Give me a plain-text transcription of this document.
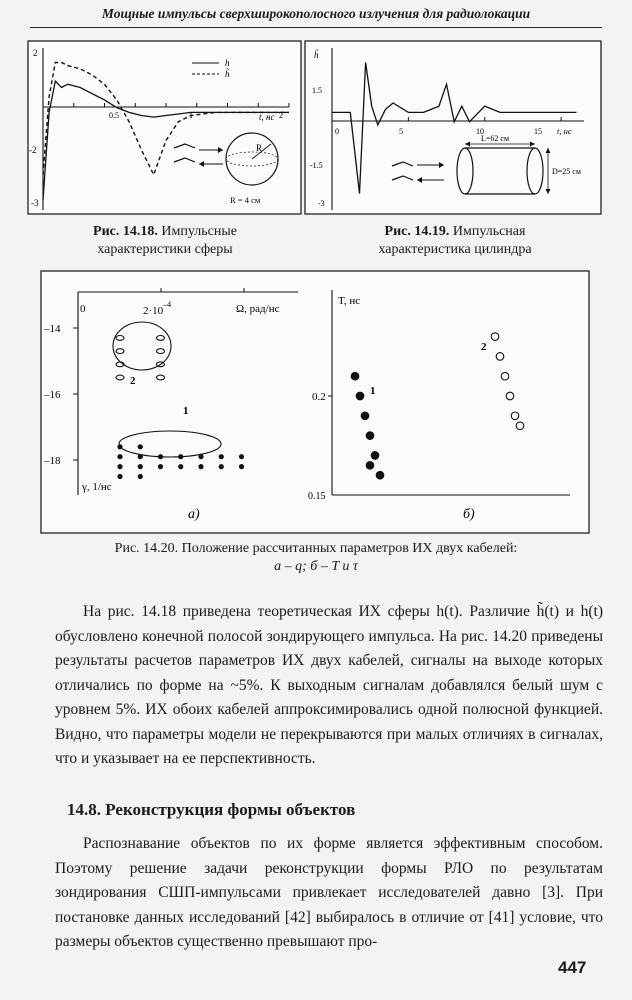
Мощные импульсы сверхширокополосного излучения для радиолокации
2
-2
-3
0.5	1	2
t, нс
h
h̃
R
R = 4 см
Рис. 14.18. Импульсные
характеристики сферы
h̃
1.5
-1.5
-3
0	5	10	15 t, нс
L=62 см
D=25 см
Рис. 14.19. Импульсная
характеристика цилиндра
0	$2\cdot 10^{-4}$	Ω, рад/нс
–14
–16
–18
γ, 1/нс
1
2
а)
T, нс
0.2
0.15
1
2
б)
Рис. 14.20. Положение рассчитанных параметров ИХ двух кабелей:
а – q; б – T и τ

На рис. 14.18 приведена теоретическая ИХ сферы h(t). Различие h̃(t) и h(t) обусловлено конечной полосой зондирующего импульса. На рис. 14.20 приведены результаты расчетов параметров ИХ двух кабелей, сигналы на выходе которых отличались по форме на ~5%. К выходным сигналам добавлялся белый шум с уровнем 5%. ИХ обоих кабелей аппроксимировались одной полюсной функцией. Видно, что параметры модели не перекрываются при малых отличиях в сигналах, что и указывает на ее перспективность.

14.8. Реконструкция формы объектов

Распознавание объектов по их форме является эффективным способом. Поэтому решение задачи реконструкции формы РЛО по результатам зондирования СШП-импульсами привлекает исследователей давно [3]. При постановке данных исследований [42] выбиралось в отличие от [41] условие, что размеры объектов существенно превышают про-

447
